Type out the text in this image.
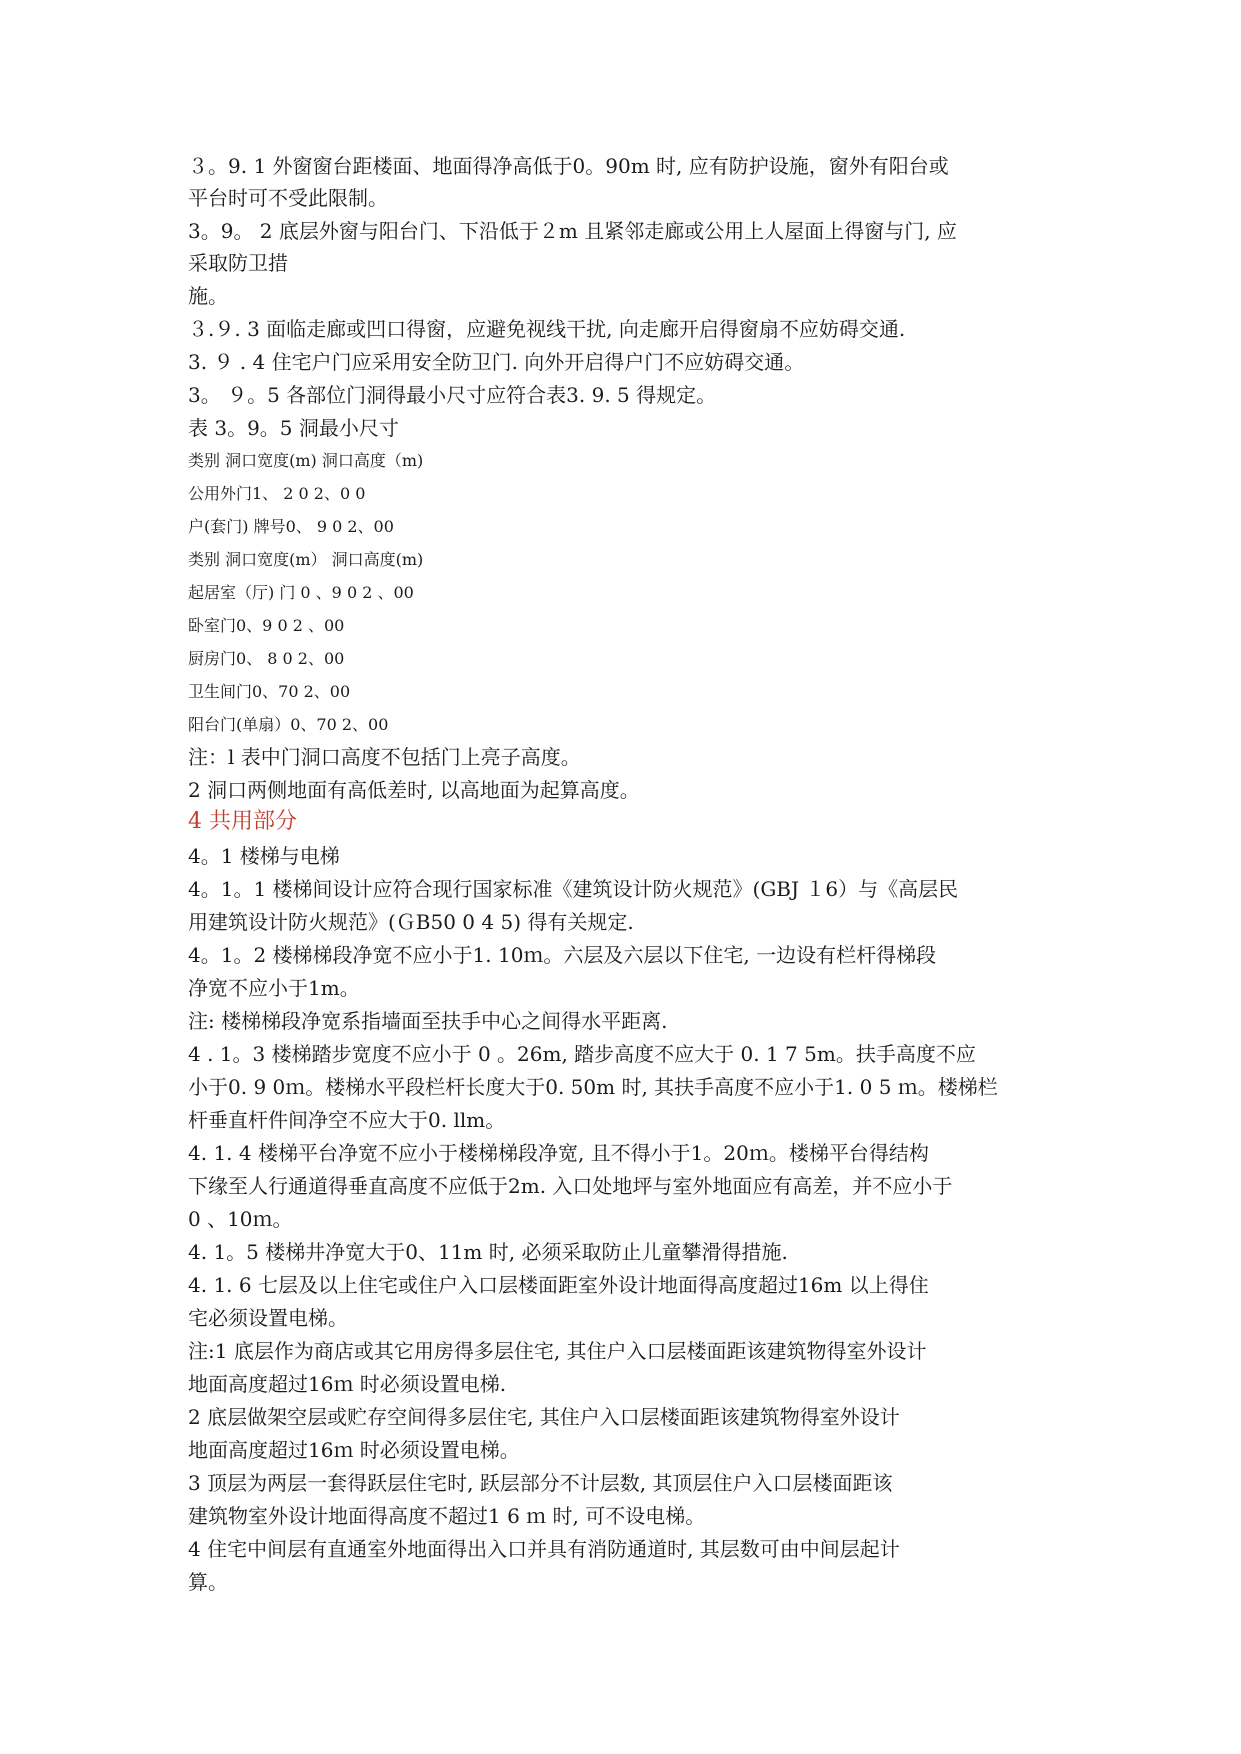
３。9. 1 外窗窗台距楼面、地面得净高低于0。90m 时, 应有防护设施，窗外有阳台或
平台时可不受此限制。
3。9。 2 底层外窗与阳台门、下沿低于２m 且紧邻走廊或公用上人屋面上得窗与门, 应
采取防卫措
施。
３.９. 3 面临走廊或凹口得窗，应避免视线干扰, 向走廊开启得窗扇不应妨碍交通.
3. ９ . 4 住宅户门应采用安全防卫门. 向外开启得户门不应妨碍交通。
3。 ９。5 各部位门洞得最小尺寸应符合表3. 9. 5 得规定。
表 3。9。5 洞最小尺寸
类别 洞口宽度(m) 洞口高度（m)
公用外门1、 2 0 2、0 0
户(套门) 牌号0、 9 0 2、00
类别 洞口宽度(m） 洞口高度(m)
起居室（厅) 门 0 、9 0 2 、00
卧室门0、9 0 2 、00
厨房门0、 8 0 2、00
卫生间门0、70 2、00
阳台门(单扇）0、70 2、00
注：l 表中门洞口高度不包括门上亮子高度。
2 洞口两侧地面有高低差时, 以高地面为起算高度。
4 共用部分
4。1 楼梯与电梯
4。1。1 楼梯间设计应符合现行国家标准《建筑设计防火规范》(GBJ １6）与《高层民
用建筑设计防火规范》(ＧB50 0 4 5) 得有关规定.
4。1。2 楼梯梯段净宽不应小于1. 10ｍ。六层及六层以下住宅, 一边设有栏杆得梯段
净宽不应小于1m。
注: 楼梯梯段净宽系指墙面至扶手中心之间得水平距离.
4 . 1。3 楼梯踏步宽度不应小于 0 。26m, 踏步高度不应大于 0. 1 7 5m。扶手高度不应
小于0. 9 0ｍ。楼梯水平段栏杆长度大于0. 50m 时, 其扶手高度不应小于1. 0 5 ｍ。楼梯栏
杆垂直杆件间净空不应大于0. llm。
4. 1. 4 楼梯平台净宽不应小于楼梯梯段净宽, 且不得小于1。20ｍ。楼梯平台得结构
下缘至人行通道得垂直高度不应低于2m. 入口处地坪与室外地面应有高差，并不应小于
0 、10ｍ。
4. 1。5 楼梯井净宽大于0、11m 时, 必须采取防止儿童攀滑得措施.
4. 1. 6 七层及以上住宅或住户入口层楼面距室外设计地面得高度超过16m 以上得住
宅必须设置电梯。
注:1 底层作为商店或其它用房得多层住宅, 其住户入口层楼面距该建筑物得室外设计
地面高度超过16ｍ 时必须设置电梯.
2 底层做架空层或贮存空间得多层住宅, 其住户入口层楼面距该建筑物得室外设计
地面高度超过16ｍ 时必须设置电梯。
3 顶层为两层一套得跃层住宅时, 跃层部分不计层数, 其顶层住户入口层楼面距该
建筑物室外设计地面得高度不超过1 6 ｍ 时, 可不设电梯。
4 住宅中间层有直通室外地面得出入口并具有消防通道时, 其层数可由中间层起计
算。
